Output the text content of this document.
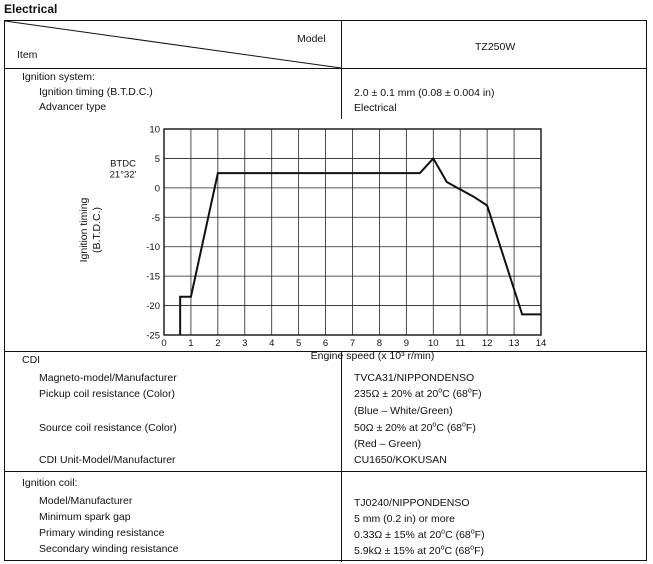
Electrical
Model
Item
TZ250W
Ignition system:
Ignition timing (B.T.D.C.)
Advancer type
2.0 ± 0.1 mm (0.08 ± 0.004 in)
Electrical
0 1 2 3 4 5 6 7 8 9 10 11 12 13 14
10
5
0
-5
-10
-15
-20
-25
Engine speed (x 10³ r/min)
Ignition timing (B.T.D.C.)
BTDC
21°32'
CDI
Magneto-model/Manufacturer
Pickup coil resistance (Color)
Source coil resistance (Color)
CDI Unit-Model/Manufacturer
TVCA31/NIPPONDENSO
235Ω ± 20% at 20$^o$C (68$^o$F)
(Blue – White/Green)
50Ω ± 20% at 20$^o$C (68$^o$F)
(Red – Green)
CU1650/KOKUSAN
Ignition coil:
Model/Manufacturer
Minimum spark gap
Primary winding resistance
Secondary winding resistance
TJ0240/NIPPONDENSO
5 mm (0.2 in) or more
0.33Ω ± 15% at 20$^o$C (68$^o$F)
5.9kΩ ± 15% at 20$^o$C (68$^o$F)
